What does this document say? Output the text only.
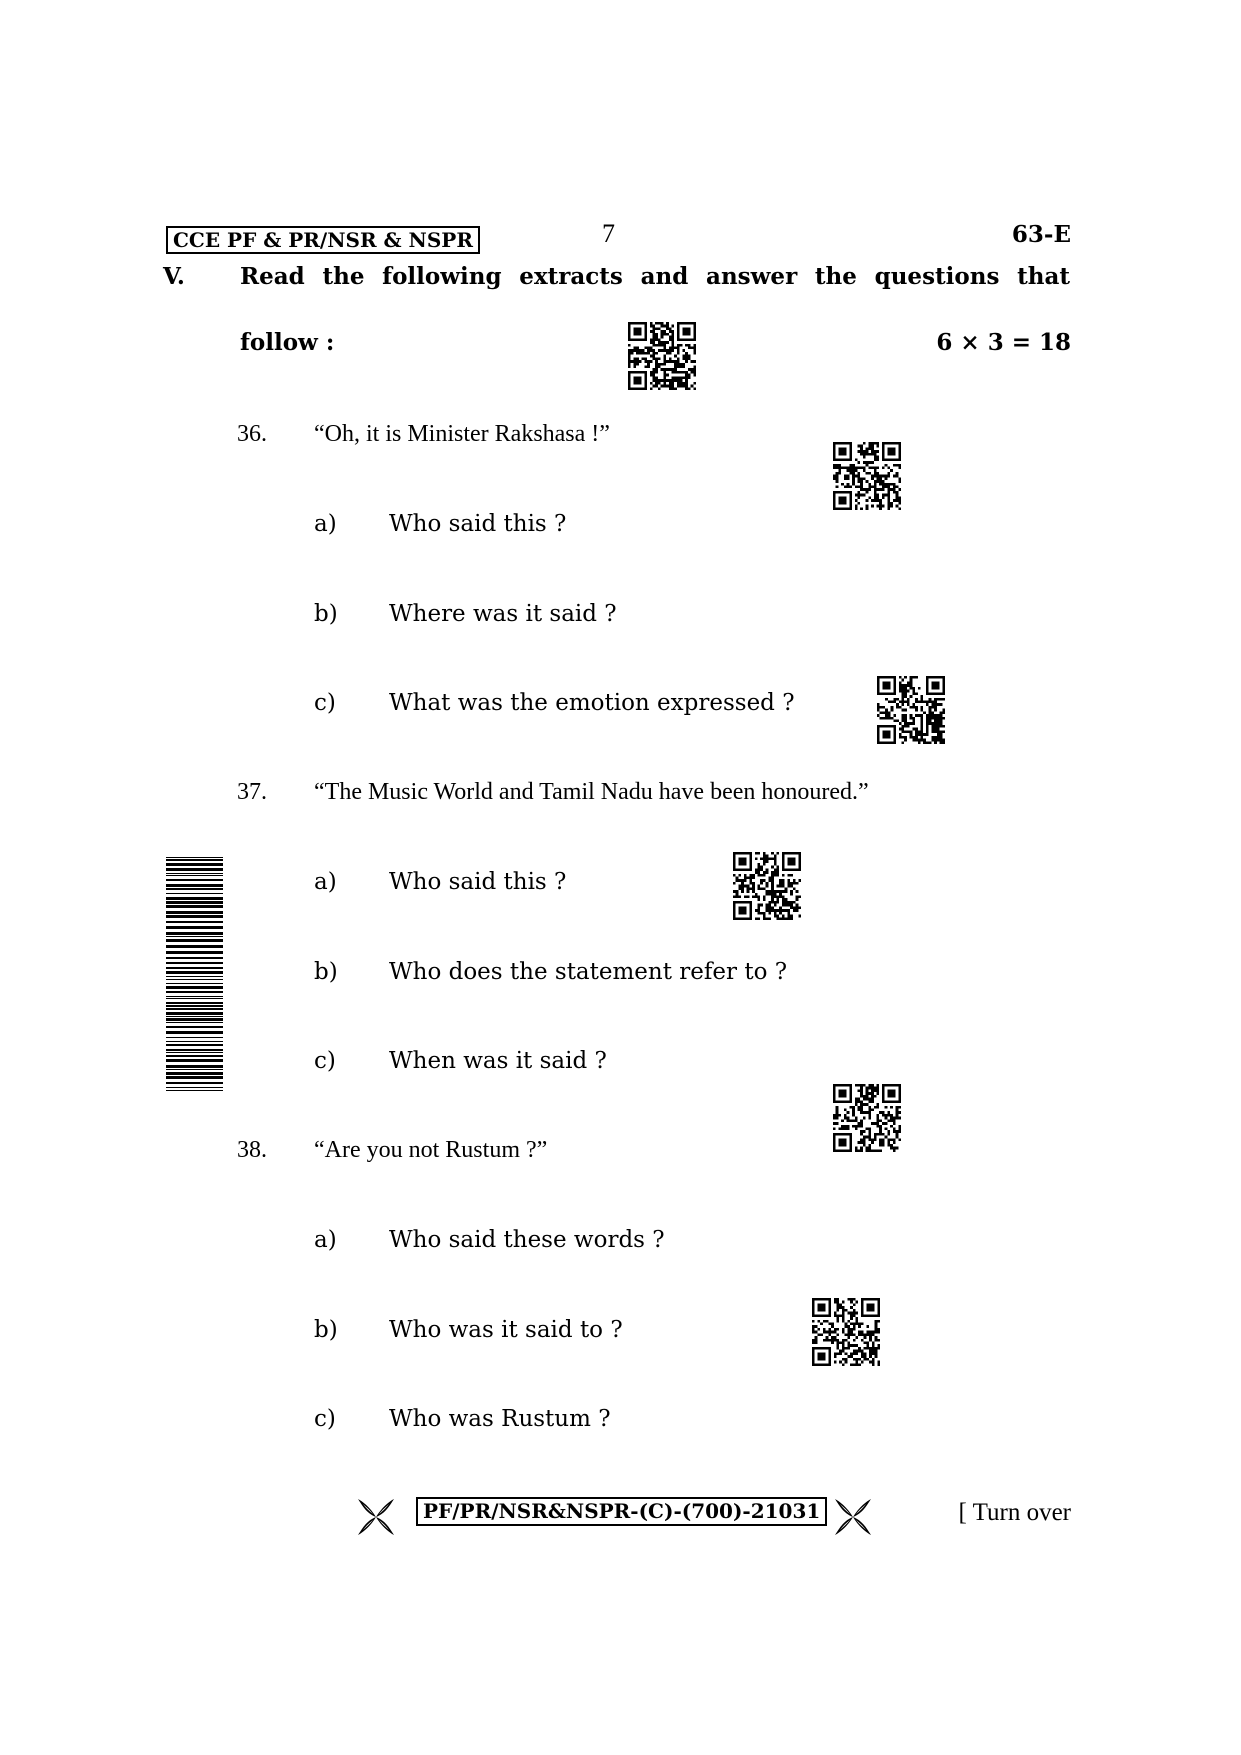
CCE PF & PR/NSR & NSPR	7	63-E
V. Read the following extracts and answer the questions that
follow :	6 × 3 = 18
36. “Oh, it is Minister Rakshasa !”
a) Who said this ?
b) Where was it said ?
c) What was the emotion expressed ?
37. “The Music World and Tamil Nadu have been honoured.”
a) Who said this ?
b) Who does the statement refer to ?
c) When was it said ?
38. “Are you not Rustum ?”
a) Who said these words ?
b) Who was it said to ?
c) Who was Rustum ?
PF/PR/NSR&NSPR-(C)-(700)-21031	[ Turn over
